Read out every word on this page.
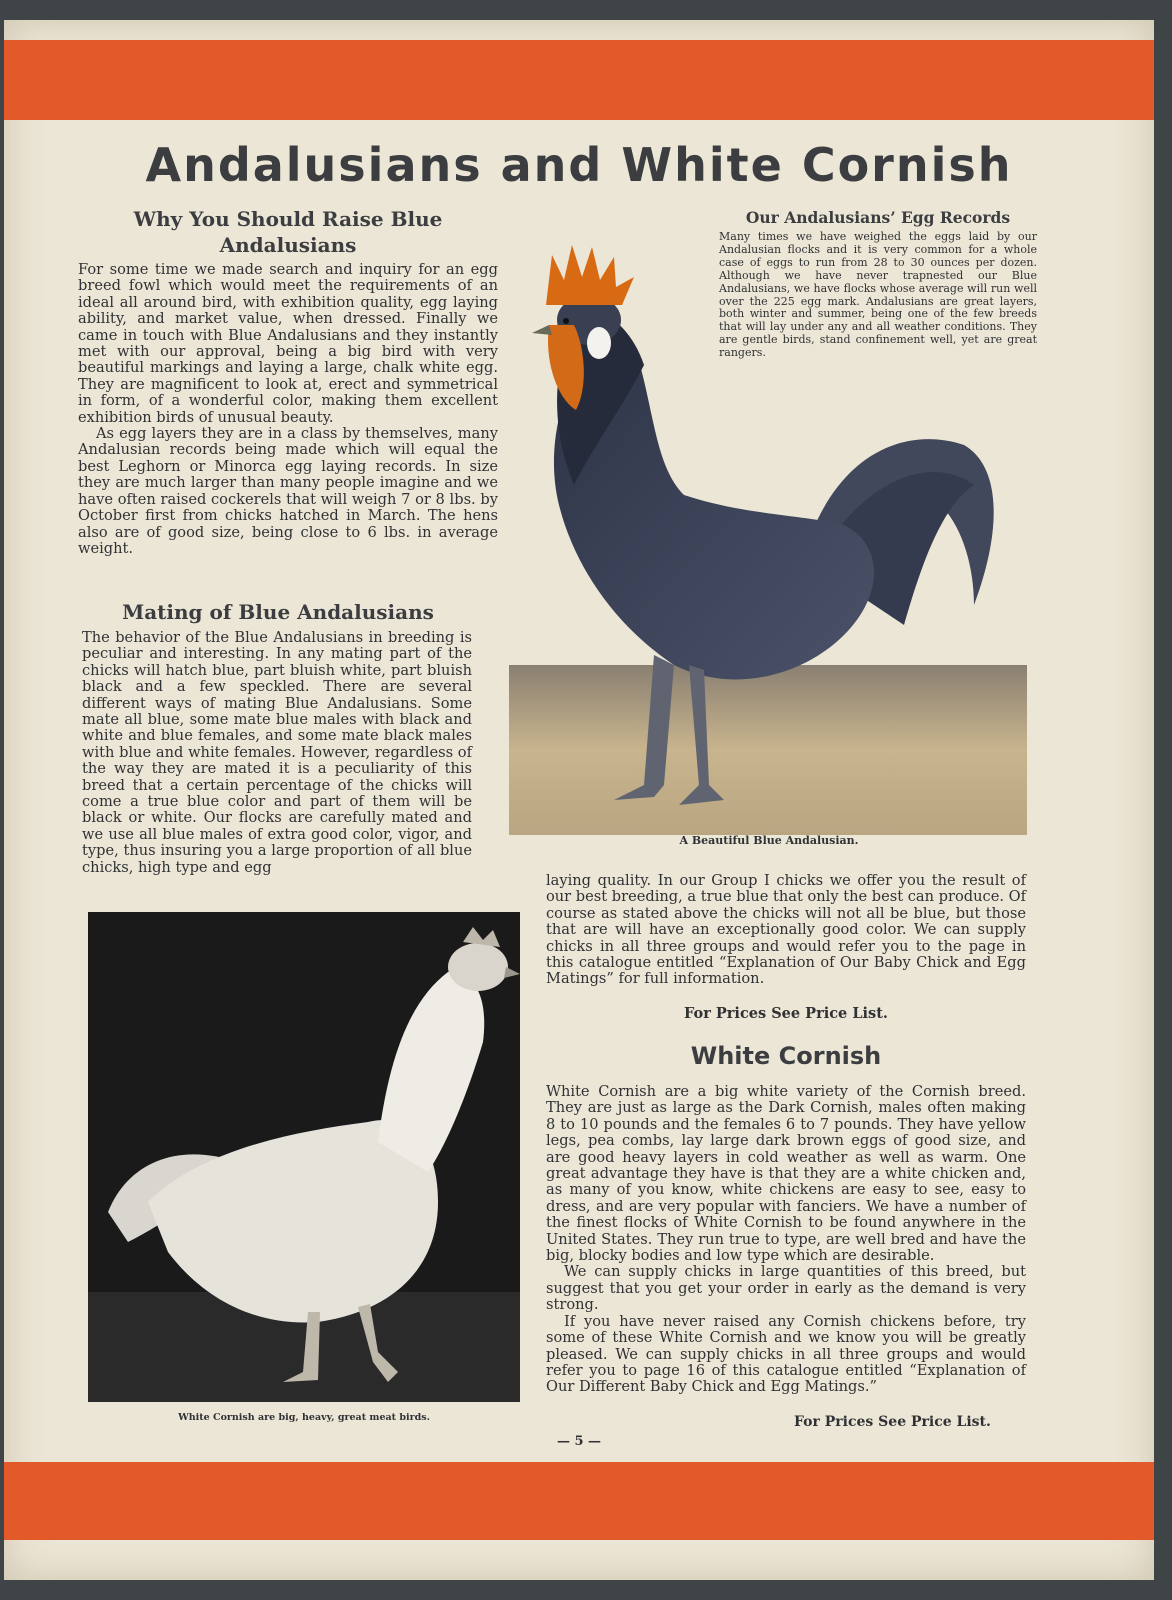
Andalusians and White Cornish
Why You Should Raise Blue Andalusians

For some time we made search and inquiry for an egg breed fowl which would meet the requirements of an ideal all around bird, with exhibition quality, egg laying ability, and market value, when dressed. Finally we came in touch with Blue Andalusians and they instantly met with our approval, being a big bird with very beautiful markings and laying a large, chalk white egg. They are magnificent to look at, erect and symmetrical in form, of a wonderful color, making them excellent exhibition birds of unusual beauty.

As egg layers they are in a class by themselves, many Andalusian records being made which will equal the best Leghorn or Minorca egg laying records. In size they are much larger than many people imagine and we have often raised cockerels that will weigh 7 or 8 lbs. by October first from chicks hatched in March. The hens also are of good size, being close to 6 lbs. in average weight.

Mating of Blue Andalusians

The behavior of the Blue Andalusians in breeding is peculiar and interesting. In any mating part of the chicks will hatch blue, part bluish white, part bluish black and a few speckled. There are several different ways of mating Blue Andalusians. Some mate all blue, some mate blue males with black and white and blue females, and some mate black males with blue and white females. However, regardless of the way they are mated it is a peculiarity of this breed that a certain percentage of the chicks will come a true blue color and part of them will be black or white. Our flocks are carefully mated and we use all blue males of extra good color, vigor, and type, thus insuring you a large proportion of all blue chicks, high type and egg

Our Andalusians’ Egg Records

Many times we have weighed the eggs laid by our Andalusian flocks and it is very common for a whole case of eggs to run from 28 to 30 ounces per dozen. Although we have never trapnested our Blue Andalusians, we have flocks whose average will run well over the 225 egg mark. Andalusians are great layers, both winter and summer, being one of the few breeds that will lay under any and all weather conditions. They are gentle birds, stand confinement well, yet are great rangers.

A Beautiful Blue Andalusian.

laying quality. In our Group I chicks we offer you the result of our best breeding, a true blue that only the best can produce. Of course as stated above the chicks will not all be blue, but those that are will have an exceptionally good color. We can supply chicks in all three groups and would refer you to the page in this catalogue entitled “Explanation of Our Baby Chick and Egg Matings” for full information.

For Prices See Price List.
White Cornish

White Cornish are a big white variety of the Cornish breed. They are just as large as the Dark Cornish, males often making 8 to 10 pounds and the females 6 to 7 pounds. They have yellow legs, pea combs, lay large dark brown eggs of good size, and are good heavy layers in cold weather as well as warm. One great advantage they have is that they are a white chicken and, as many of you know, white chickens are easy to see, easy to dress, and are very popular with fanciers. We have a number of the finest flocks of White Cornish to be found anywhere in the United States. They run true to type, are well bred and have the big, blocky bodies and low type which are desirable.

We can supply chicks in large quantities of this breed, but suggest that you get your order in early as the demand is very strong.

If you have never raised any Cornish chickens before, try some of these White Cornish and we know you will be greatly pleased. We can supply chicks in all three groups and would refer you to page 16 of this catalogue entitled “Explanation of Our Different Baby Chick and Egg Matings.”

For Prices See Price List.
White Cornish are big, heavy, great meat birds.
— 5 —
